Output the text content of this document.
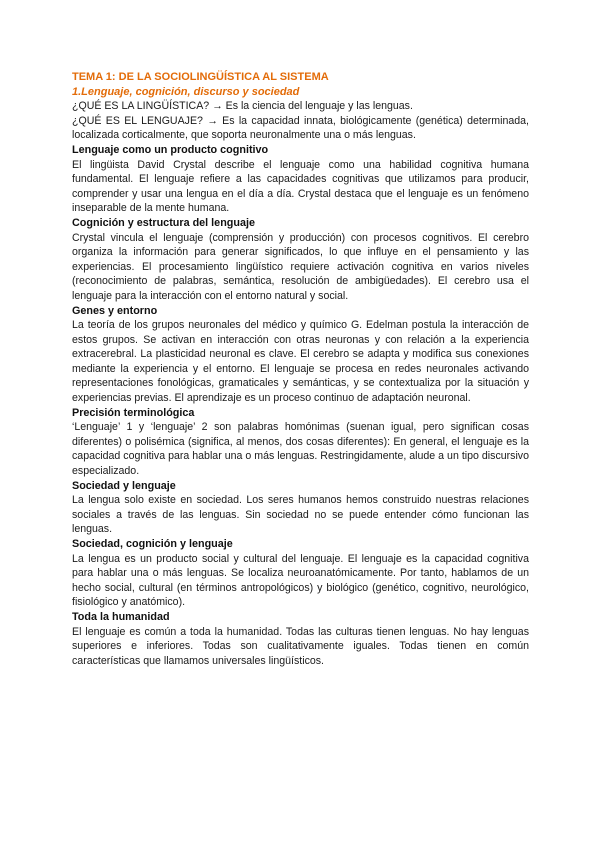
TEMA 1: DE LA SOCIOLINGÜÍSTICA AL SISTEMA

1.Lenguaje, cognición, discurso y sociedad

¿QUÉ ES LA LINGÜÍSTICA? → Es la ciencia del lenguaje y las lenguas.

¿QUÉ ES EL LENGUAJE? → Es la capacidad innata, biológicamente (genética) determinada, localizada corticalmente, que soporta neuronalmente una o más lenguas.

Lenguaje como un producto cognitivo

El lingüista David Crystal describe el lenguaje como una habilidad cognitiva humana fundamental. El lenguaje refiere a las capacidades cognitivas que utilizamos para producir, comprender y usar una lengua en el día a día. Crystal destaca que el lenguaje es un fenómeno inseparable de la mente humana.

Cognición y estructura del lenguaje

Crystal vincula el lenguaje (comprensión y producción) con procesos cognitivos. El cerebro organiza la información para generar significados, lo que influye en el pensamiento y las experiencias. El procesamiento lingüístico requiere activación cognitiva en varios niveles (reconocimiento de palabras, semántica, resolución de ambigüedades). El cerebro usa el lenguaje para la interacción con el entorno natural y social.

Genes y entorno

La teoría de los grupos neuronales del médico y químico G. Edelman postula la interacción de estos grupos. Se activan en interacción con otras neuronas y con relación a la experiencia extracerebral. La plasticidad neuronal es clave. El cerebro se adapta y modifica sus conexiones mediante la experiencia y el entorno. El lenguaje se procesa en redes neuronales activando representaciones fonológicas, gramaticales y semánticas, y se contextualiza por la situación y experiencias previas. El aprendizaje es un proceso continuo de adaptación neuronal.

Precisión terminológica

‘Lenguaje’ 1 y ‘lenguaje’ 2 son palabras homónimas (suenan igual, pero significan cosas diferentes) o polisémica (significa, al menos, dos cosas diferentes): En general, el lenguaje es la capacidad cognitiva para hablar una o más lenguas. Restringidamente, alude a un tipo discursivo especializado.

Sociedad y lenguaje

La lengua solo existe en sociedad. Los seres humanos hemos construido nuestras relaciones sociales a través de las lenguas. Sin sociedad no se puede entender cómo funcionan las lenguas.

Sociedad, cognición y lenguaje

La lengua es un producto social y cultural del lenguaje. El lenguaje es la capacidad cognitiva para hablar una o más lenguas. Se localiza neuroanatómicamente. Por tanto, hablamos de un hecho social, cultural (en términos antropológicos) y biológico (genético, cognitivo, neurológico, fisiológico y anatómico).

Toda la humanidad

El lenguaje es común a toda la humanidad. Todas las culturas tienen lenguas. No hay lenguas superiores e inferiores. Todas son cualitativamente iguales. Todas tienen en común características que llamamos universales lingüísticos.
